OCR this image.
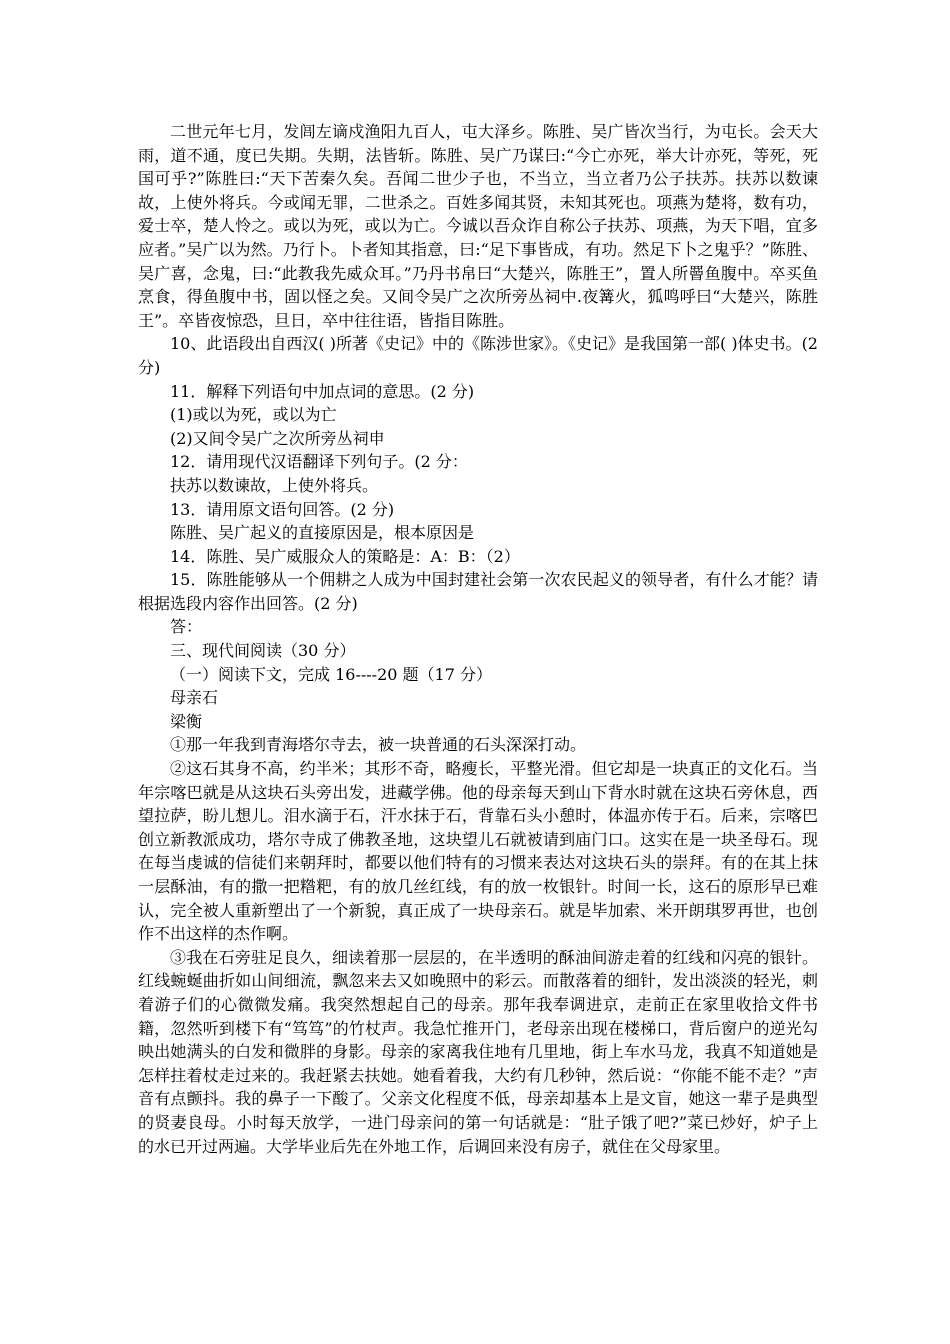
二世元年七月，发闾左谪戍渔阳九百人，屯大泽乡。陈胜、吴广皆次当行，为屯长。会天大雨，道不通，度已失期。失期，法皆斩。陈胜、吴广乃谋曰:“今亡亦死，举大计亦死，等死，死国可乎?”陈胜曰:“天下苦秦久矣。吾闻二世少子也，不当立，当立者乃公子扶苏。扶苏以数谏故，上使外将兵。今或闻无罪，二世杀之。百姓多闻其贤，未知其死也。项燕为楚将，数有功，爱士卒，楚人怜之。或以为死，或以为亡。今诚以吾众诈自称公子扶苏、项燕，为天下唱，宜多应者。”吴广以为然。乃行卜。卜者知其指意，曰:“足下事皆成，有功。然足下卜之鬼乎？”陈胜、吴广喜，念鬼，曰:“此教我先威众耳。”乃丹书帛曰“大楚兴，陈胜王”，置人所罾鱼腹中。卒买鱼烹食，得鱼腹中书，固以怪之矣。又间令吴广之次所旁丛祠中.夜篝火，狐鸣呼曰“大楚兴，陈胜王”。卒皆夜惊恐，旦日，卒中往往语，皆指目陈胜。

10、此语段出自西汉( )所著《史记》中的《陈涉世家》。《史记》是我国第一部( )体史书。(2分)

11．解释下列语句中加点词的意思。(2 分)

(1)或以为死，或以为亡

(2)又间令吴广之次所旁丛祠申

12．请用现代汉语翻译下列句子。(2 分：

扶苏以数谏故，上使外将兵。

13．请用原文语句回答。(2 分)

陈胜、吴广起义的直接原因是，根本原因是

14．陈胜、吴广威服众人的策略是：A：B：（2）

15．陈胜能够从一个佣耕之人成为中国封建社会第一次农民起义的领导者，有什么才能？请根据选段内容作出回答。(2 分)

答：

三、现代间阅读（30 分）

（一）阅读下文，完成 16----20 题（17 分）

母亲石

梁衡

①那一年我到青海塔尔寺去，被一块普通的石头深深打动。

②这石其身不高，约半米；其形不奇，略瘦长，平整光滑。但它却是一块真正的文化石。当年宗喀巴就是从这块石头旁出发，进藏学佛。他的母亲每天到山下背水时就在这块石旁休息，西望拉萨，盼儿想儿。泪水滴于石，汗水抹于石，背靠石头小憩时，体温亦传于石。后来，宗喀巴创立新教派成功，塔尔寺成了佛教圣地，这块望儿石就被请到庙门口。这实在是一块圣母石。现在每当虔诚的信徒们来朝拜时，都要以他们特有的习惯来表达对这块石头的崇拜。有的在其上抹一层酥油，有的撒一把糌粑，有的放几丝红线，有的放一枚银针。时间一长，这石的原形早已难认，完全被人重新塑出了一个新貌，真正成了一块母亲石。就是毕加索、米开朗琪罗再世，也创作不出这样的杰作啊。

③我在石旁驻足良久，细读着那一层层的，在半透明的酥油间游走着的红线和闪亮的银针。红线蜿蜒曲折如山间细流，飘忽来去又如晚照中的彩云。而散落着的细针，发出淡淡的轻光，刺着游子们的心微微发痛。我突然想起自己的母亲。那年我奉调进京，走前正在家里收拾文件书籍，忽然听到楼下有“笃笃”的竹杖声。我急忙推开门，老母亲出现在楼梯口，背后窗户的逆光勾映出她满头的白发和微胖的身影。母亲的家离我住地有几里地，街上车水马龙，我真不知道她是怎样拄着杖走过来的。我赶紧去扶她。她看着我，大约有几秒钟，然后说：“你能不能不走？”声音有点颤抖。我的鼻子一下酸了。父亲文化程度不低，母亲却基本上是文盲，她这一辈子是典型的贤妻良母。小时每天放学，一进门母亲问的第一句话就是：“肚子饿了吧?”菜已炒好，炉子上的水已开过两遍。大学毕业后先在外地工作，后调回来没有房子，就住在父母家里。
